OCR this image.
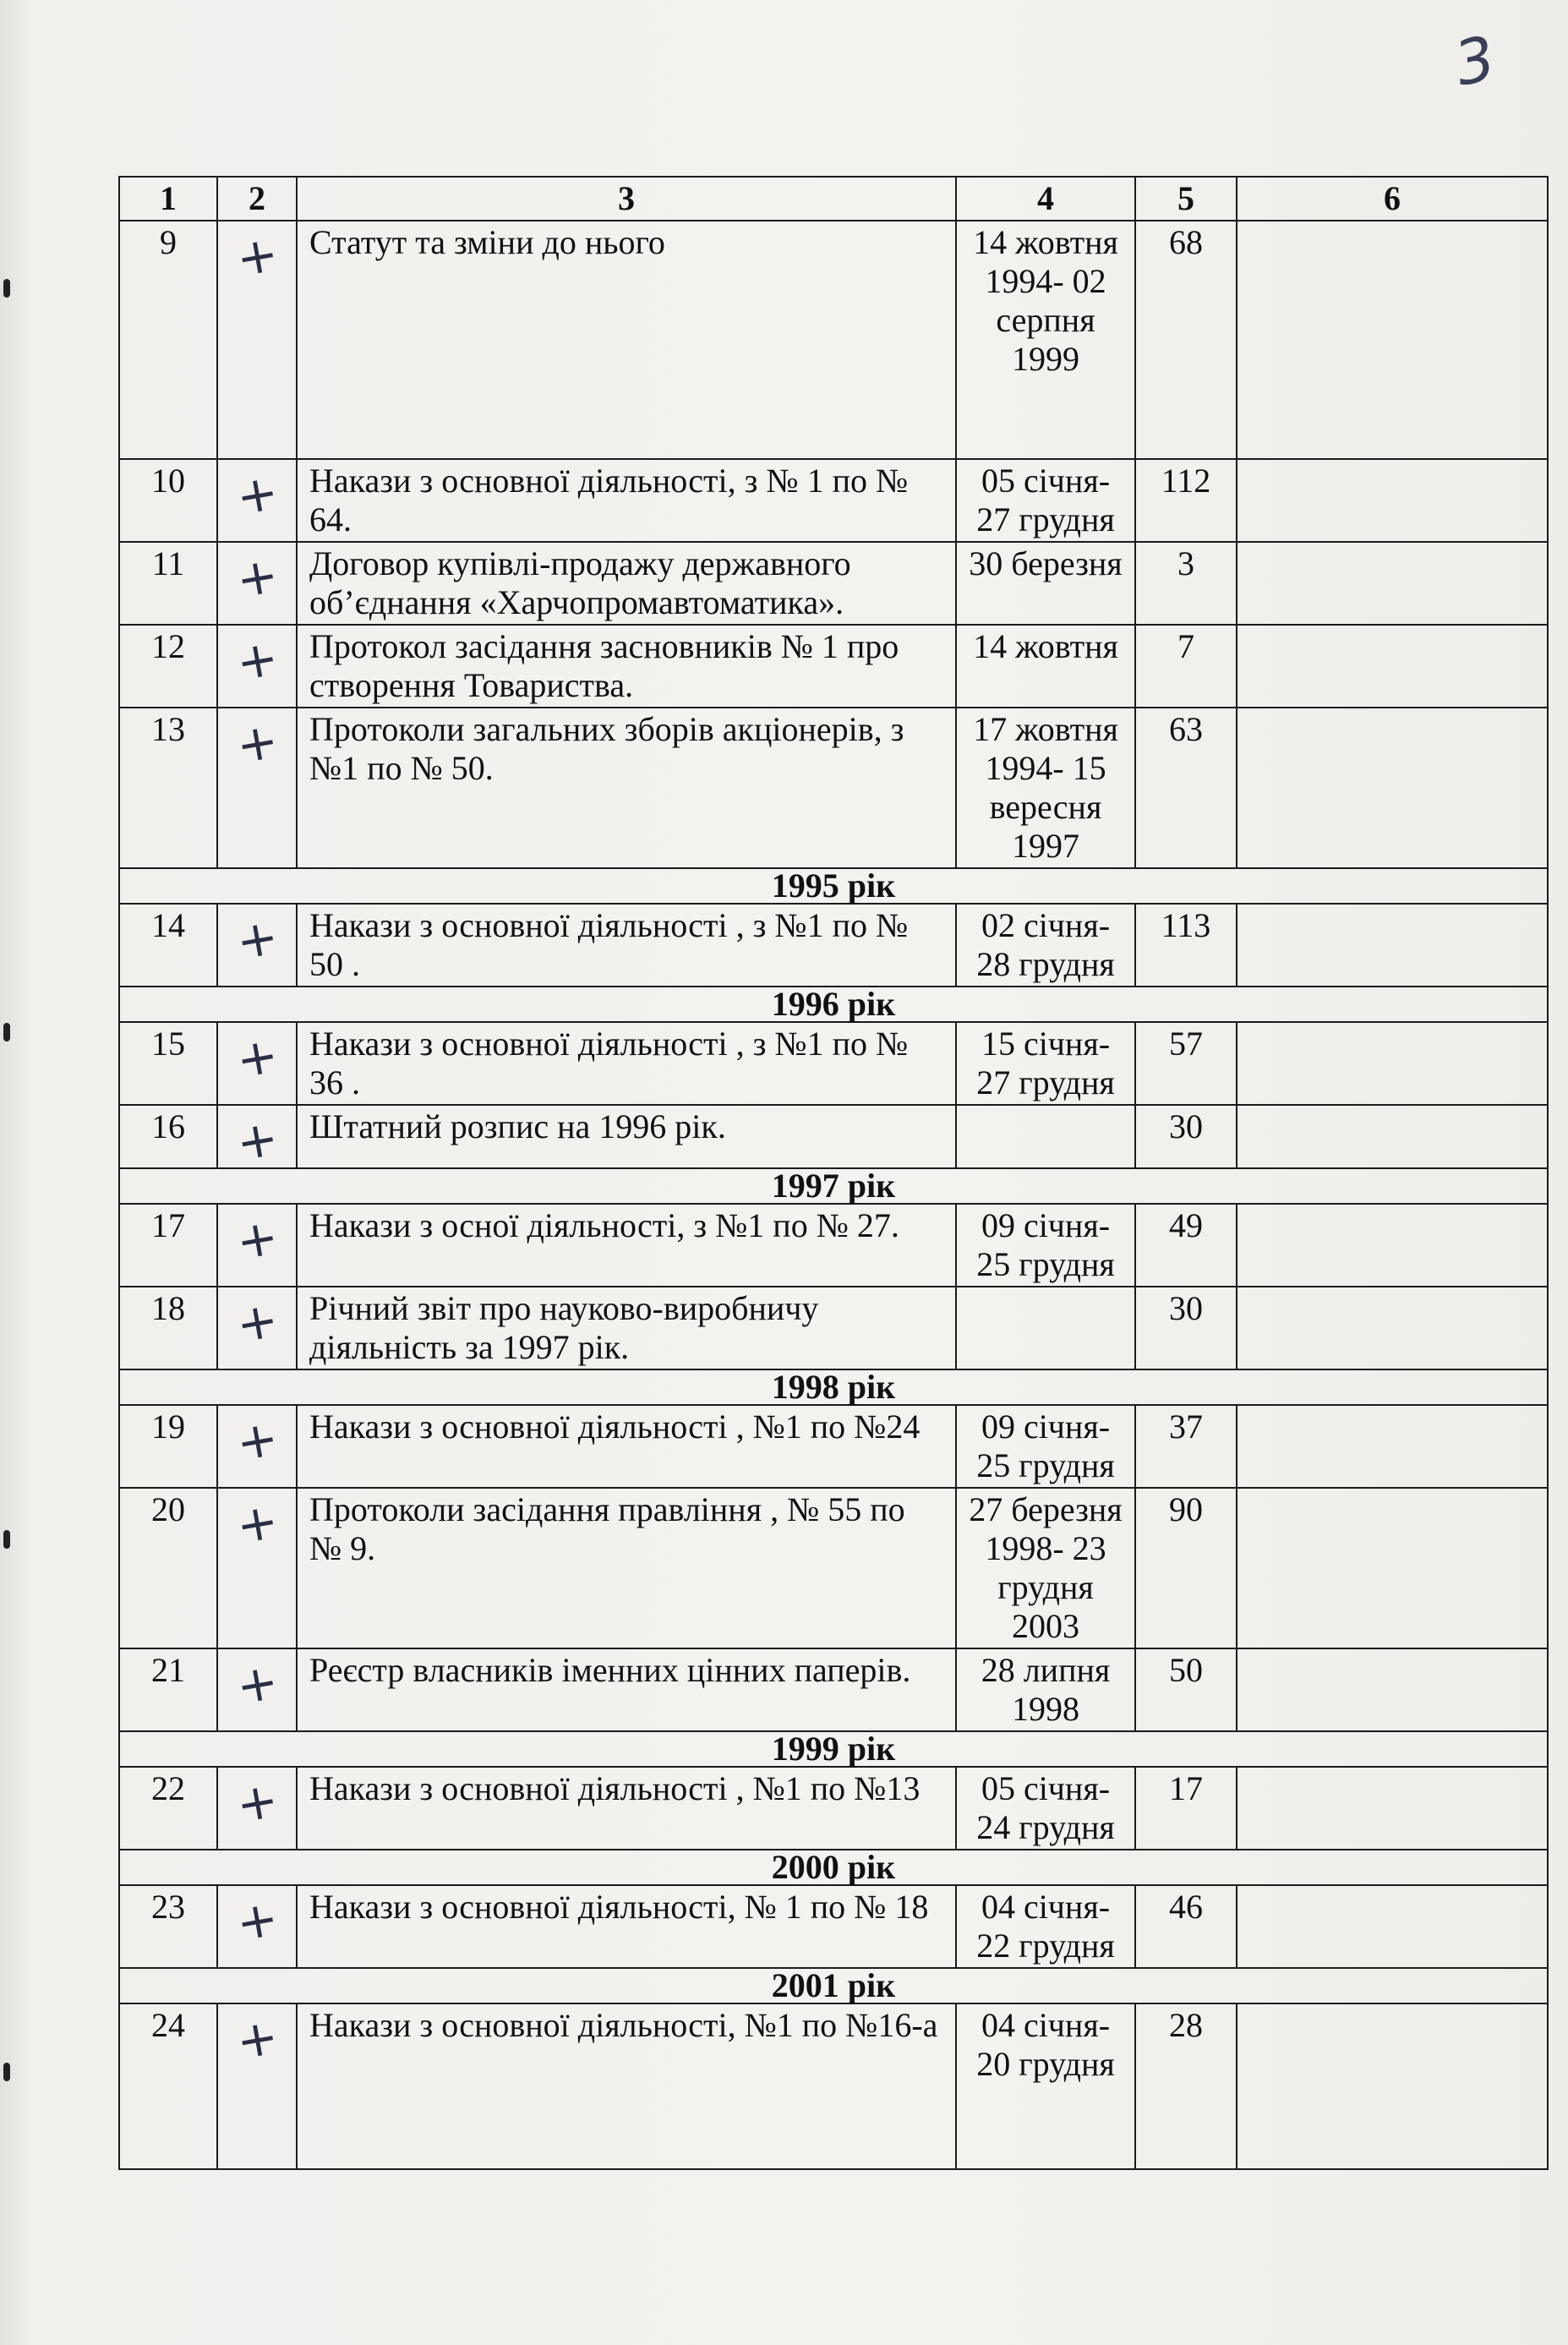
3
1	2	3	4	5	6
9	+	Статут та зміни до нього	14 жовтня 1994- 02 серпня 1999	68	
10	+	Накази з основної діяльності, з № 1 по № 64.	05 січня- 27 грудня	112	
11	+	Договор купівлі-продажу державного об’єднання «Харчопромавтоматика».	30 березня	3	
12	+	Протокол засідання засновників № 1 про створення Товариства.	14 жовтня	7	
13	+	Протоколи загальних зборів акціонерів, з №1 по № 50.	17 жовтня 1994- 15 вересня 1997	63	
1995 рік					
14	+	Накази з основної діяльності , з №1 по № 50 .	02 січня- 28 грудня	113	
1996 рік					
15	+	Накази з основної діяльності , з №1 по № 36 .	15 січня- 27 грудня	57	
16	+	Штатний розпис на 1996 рік.		30	
1997 рік					
17	+	Накази з осної діяльності, з №1 по № 27.	09 січня- 25 грудня	49	
18	+	Річний звіт про науково-виробничу діяльність за 1997 рік.		30	
1998 рік					
19	+	Накази з основної діяльності , №1 по №24	09 січня- 25 грудня	37	
20	+	Протоколи засідання правління , № 55 по № 9.	27 березня 1998- 23 грудня 2003	90	
21	+	Реєстр власників іменних цінних паперів.	28 липня 1998	50	
1999 рік					
22	+	Накази з основної діяльності , №1 по №13	05 січня- 24 грудня	17	
2000 рік					
23	+	Накази з основної діяльності, № 1 по № 18	04 січня- 22 грудня	46	
2001 рік					
24	+	Накази з основної діяльності, №1 по №16-а	04 січня- 20 грудня	28	
